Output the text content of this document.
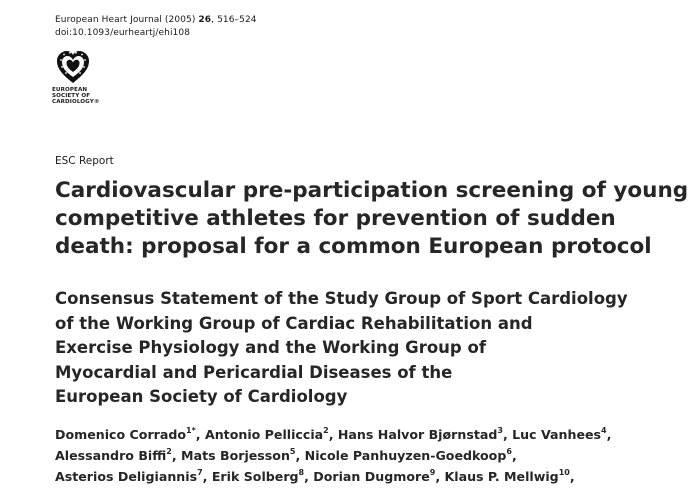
European Heart Journal (2005) 26, 516–524
doi:10.1093/eurheartj/ehi108
EUROPEAN
SOCIETY OF
CARDIOLOGY®
ESC Report
Cardiovascular pre-participation screening of young competitive athletes for prevention of sudden death: proposal for a common European protocol
Consensus Statement of the Study Group of Sport Cardiology
of the Working Group of Cardiac Rehabilitation and
Exercise Physiology and the Working Group of
Myocardial and Pericardial Diseases of the
European Society of Cardiology
Domenico Corrado$^{1*}$, Antonio Pelliccia$^2$, Hans Halvor Bjørnstad$^3$, Luc Vanhees$^4$,
Alessandro Biffi$^2$, Mats Borjesson$^5$, Nicole Panhuyzen-Goedkoop$^6$,
Asterios Deligiannis$^7$, Erik Solberg$^8$, Dorian Dugmore$^9$, Klaus P. Mellwig$^{10}$,
